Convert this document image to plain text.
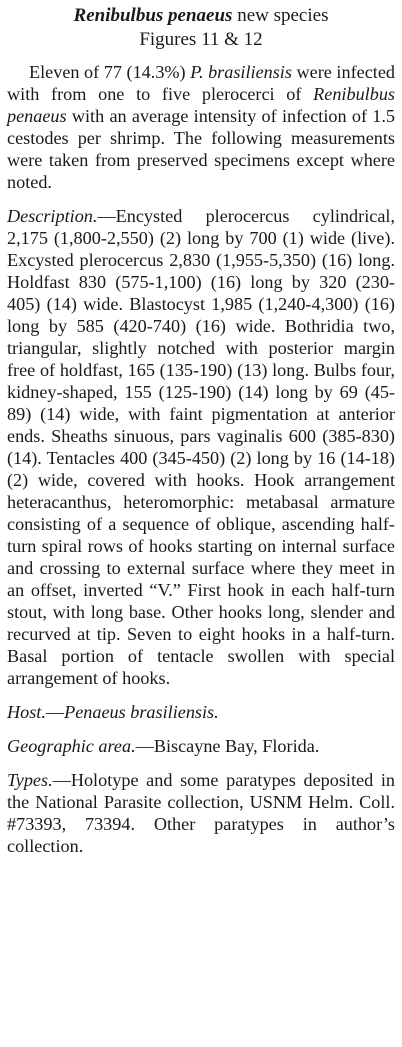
Renibulbus penaeus new species
Figures 11 & 12

Eleven of 77 (14.3%) P. brasiliensis were infected with from one to five plerocerci of Renibulbus penaeus with an average intensity of infection of 1.5 cestodes per shrimp. The following measurements were taken from preserved specimens except where noted.

Description.—Encysted plerocercus cylindrical, 2,175 (1,800-2,550) (2) long by 700 (1) wide (live). Excysted plerocercus 2,830 (1,955-5,350) (16) long. Holdfast 830 (575-1,100) (16) long by 320 (230-405) (14) wide. Blastocyst 1,985 (1,240-4,300) (16) long by 585 (420-740) (16) wide. Bothridia two, triangular, slightly notched with posterior margin free of holdfast, 165 (135-190) (13) long. Bulbs four, kidney-shaped, 155 (125-190) (14) long by 69 (45-89) (14) wide, with faint pigmentation at anterior ends. Sheaths sinuous, pars vaginalis 600 (385-830) (14). Tentacles 400 (345-450) (2) long by 16 (14-18) (2) wide, covered with hooks. Hook arrangement heteracanthus, heteromorphic: metabasal armature consisting of a sequence of oblique, ascending half-turn spiral rows of hooks starting on internal surface and crossing to external surface where they meet in an offset, inverted “V.” First hook in each half-turn stout, with long base. Other hooks long, slender and recurved at tip. Seven to eight hooks in a half-turn. Basal portion of tentacle swollen with special arrangement of hooks.

Host.—Penaeus brasiliensis.

Geographic area.—Biscayne Bay, Florida.

Types.—Holotype and some paratypes deposited in the National Parasite collection, USNM Helm. Coll. #73393, 73394. Other paratypes in author’s collection.
